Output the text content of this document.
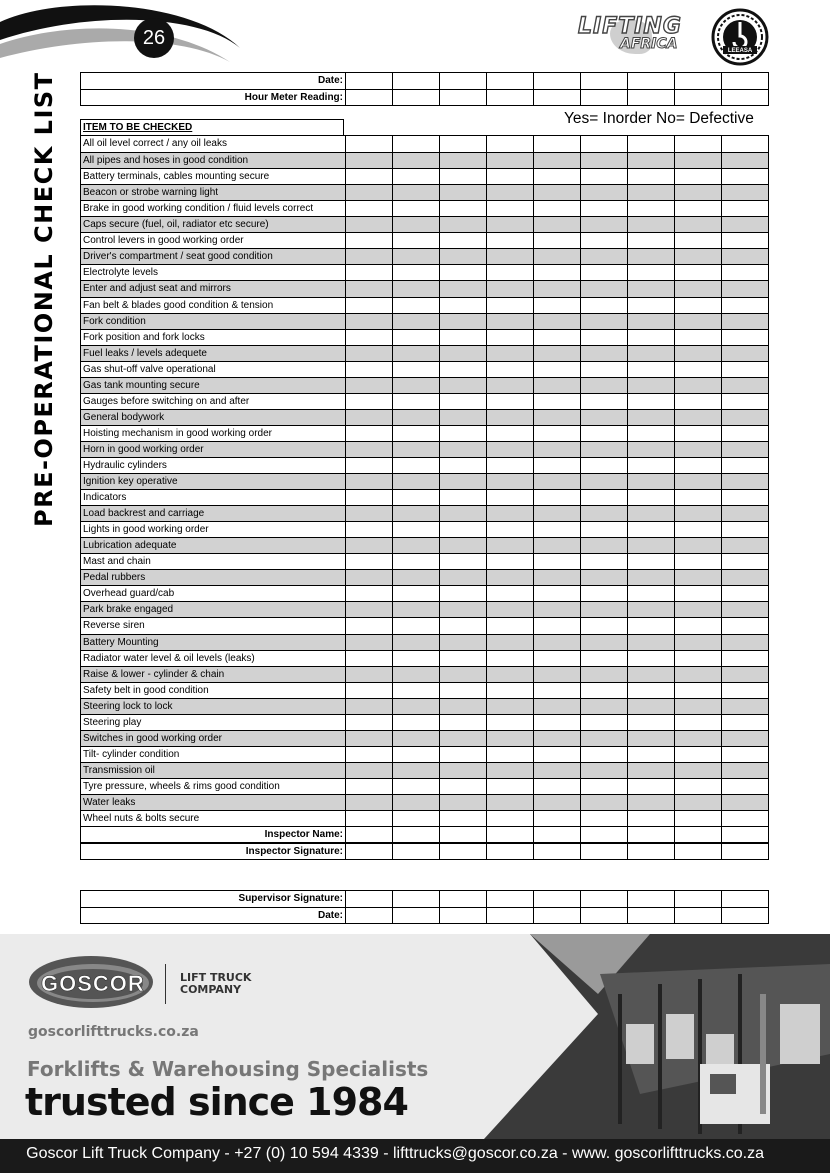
26	LIFTING
AFRICA	LEEASA
PRE-OPERATIONAL CHECK LIST	Date:
Hour Meter Reading:
Yes= Inorder No= Defective
ITEM TO BE CHECKED
All oil level correct / any oil leaks
All pipes and hoses in good condition
Battery terminals, cables mounting secure
Beacon or strobe warning light
Brake in good working condition / fluid levels correct
Caps secure (fuel, oil, radiator etc secure)
Control levers in good working order
Driver's compartment / seat good condition
Electrolyte levels
Enter and adjust seat and mirrors
Fan belt & blades good condition & tension
Fork condition
Fork position and fork locks
Fuel leaks / levels adequete
Gas shut-off valve operational
Gas tank mounting secure
Gauges before switching on and after
General bodywork
Hoisting mechanism in good working order
Horn in good working order
Hydraulic cylinders
Ignition key operative
Indicators
Load backrest and carriage
Lights in good working order
Lubrication adequate
Mast and chain
Pedal rubbers
Overhead guard/cab
Park brake engaged
Reverse siren
Battery Mounting
Radiator water level & oil levels (leaks)
Raise & lower - cylinder & chain
Safety belt in good condition
Steering lock to lock
Steering play
Switches in good working order
Tilt- cylinder condition
Transmission oil
Tyre pressure, wheels & rims good condition
Water leaks
Wheel nuts & bolts secure
Inspector Name:
Inspector Signature:
Supervisor Signature:
Date:
GOSCOR	LIFT TRUCK COMPANY
goscorlifttrucks.co.za
Forklifts & Warehousing Specialists
trusted since 1984
Goscor Lift Truck Company - +27 (0) 10 594 4339 - lifttrucks@goscor.co.za - www. goscorlifttrucks.co.za
